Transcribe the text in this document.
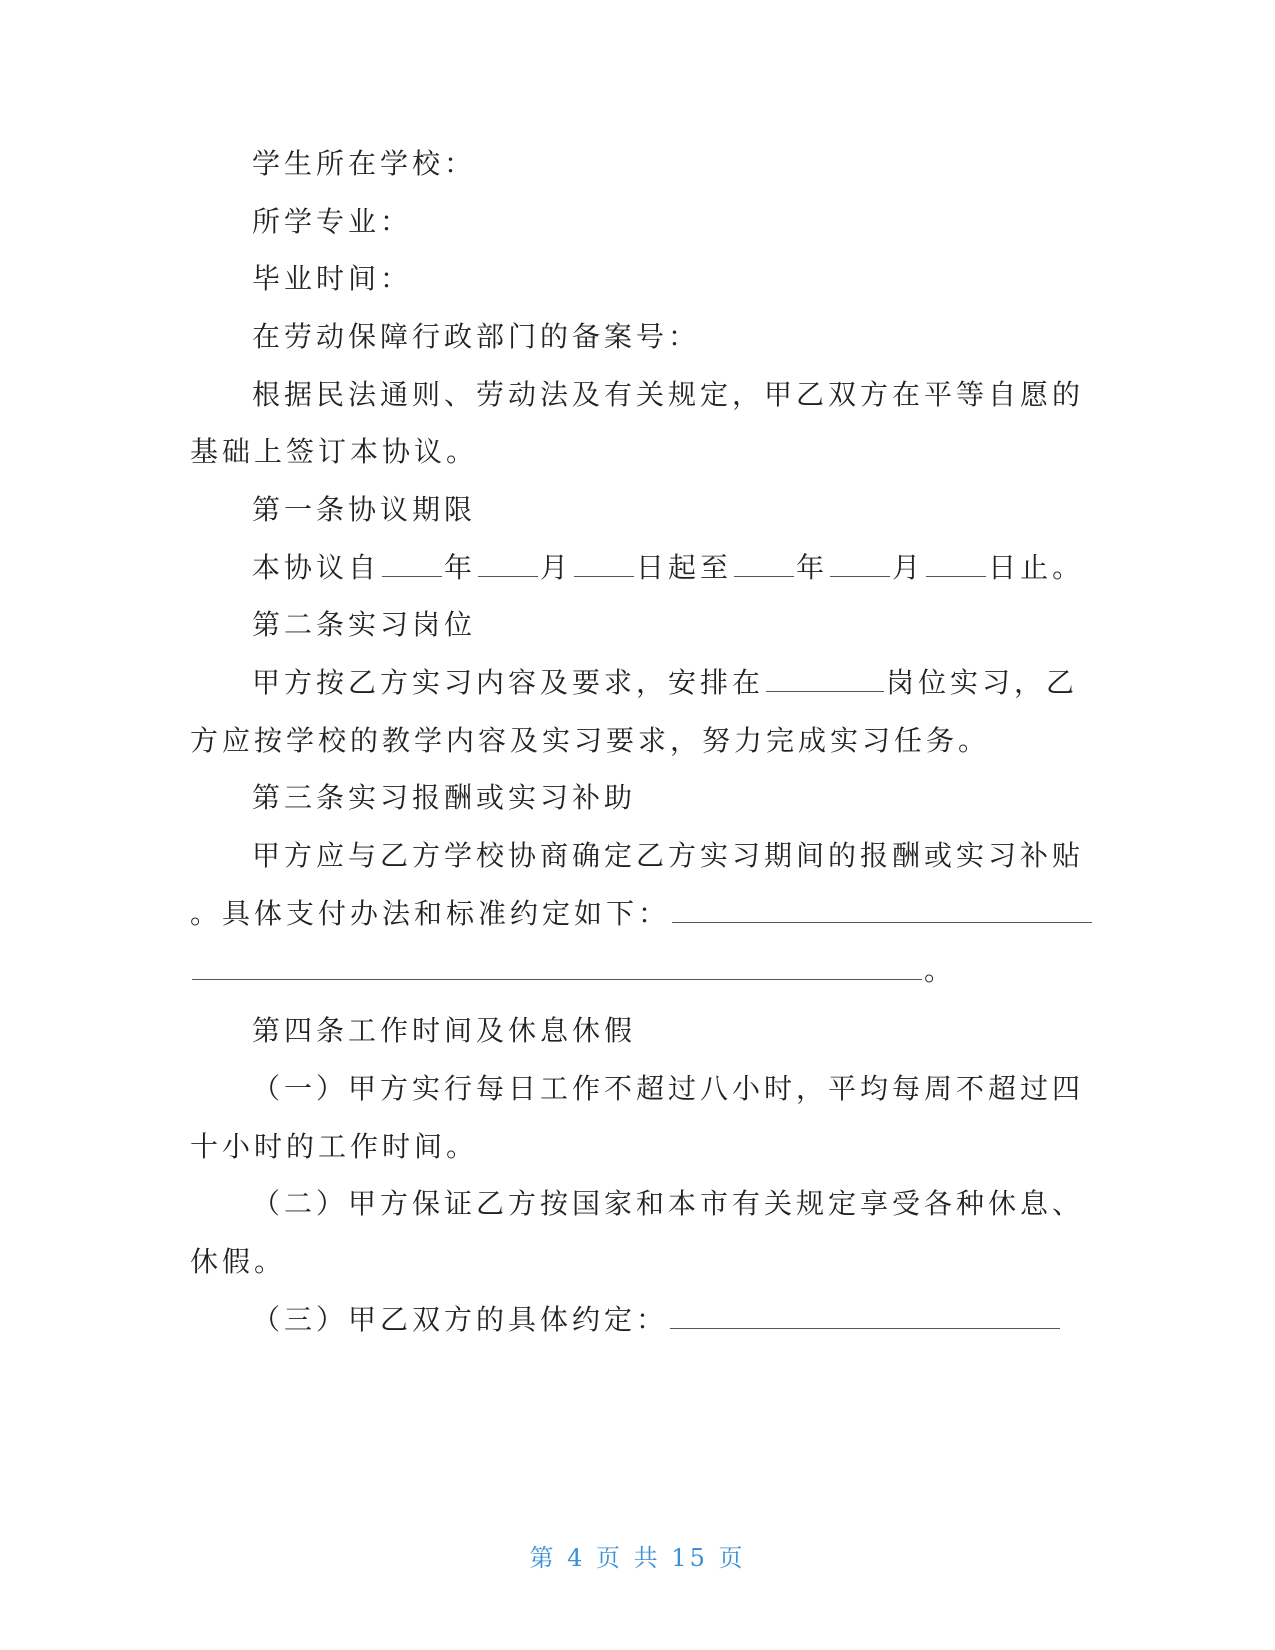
学生所在学校：
所学专业：
毕业时间：
在劳动保障行政部门的备案号：
根据民法通则、劳动法及有关规定，甲乙双方在平等自愿的
基础上签订本协议。
第一条协议期限
本协议自 年 月 日起至 年 月 日止。
第二条实习岗位
甲方按乙方实习内容及要求，安排在	岗位实习，乙
方应按学校的教学内容及实习要求，努力完成实习任务。
第三条实习报酬或实习补助
甲方应与乙方学校协商确定乙方实习期间的报酬或实习补贴
。具体支付办法和标准约定如下：
。
第四条工作时间及休息休假
（一）甲方实行每日工作不超过八小时，平均每周不超过四
十小时的工作时间。
（二）甲方保证乙方按国家和本市有关规定享受各种休息、
休假。
（三）甲乙双方的具体约定：
第 4 页 共 15 页
